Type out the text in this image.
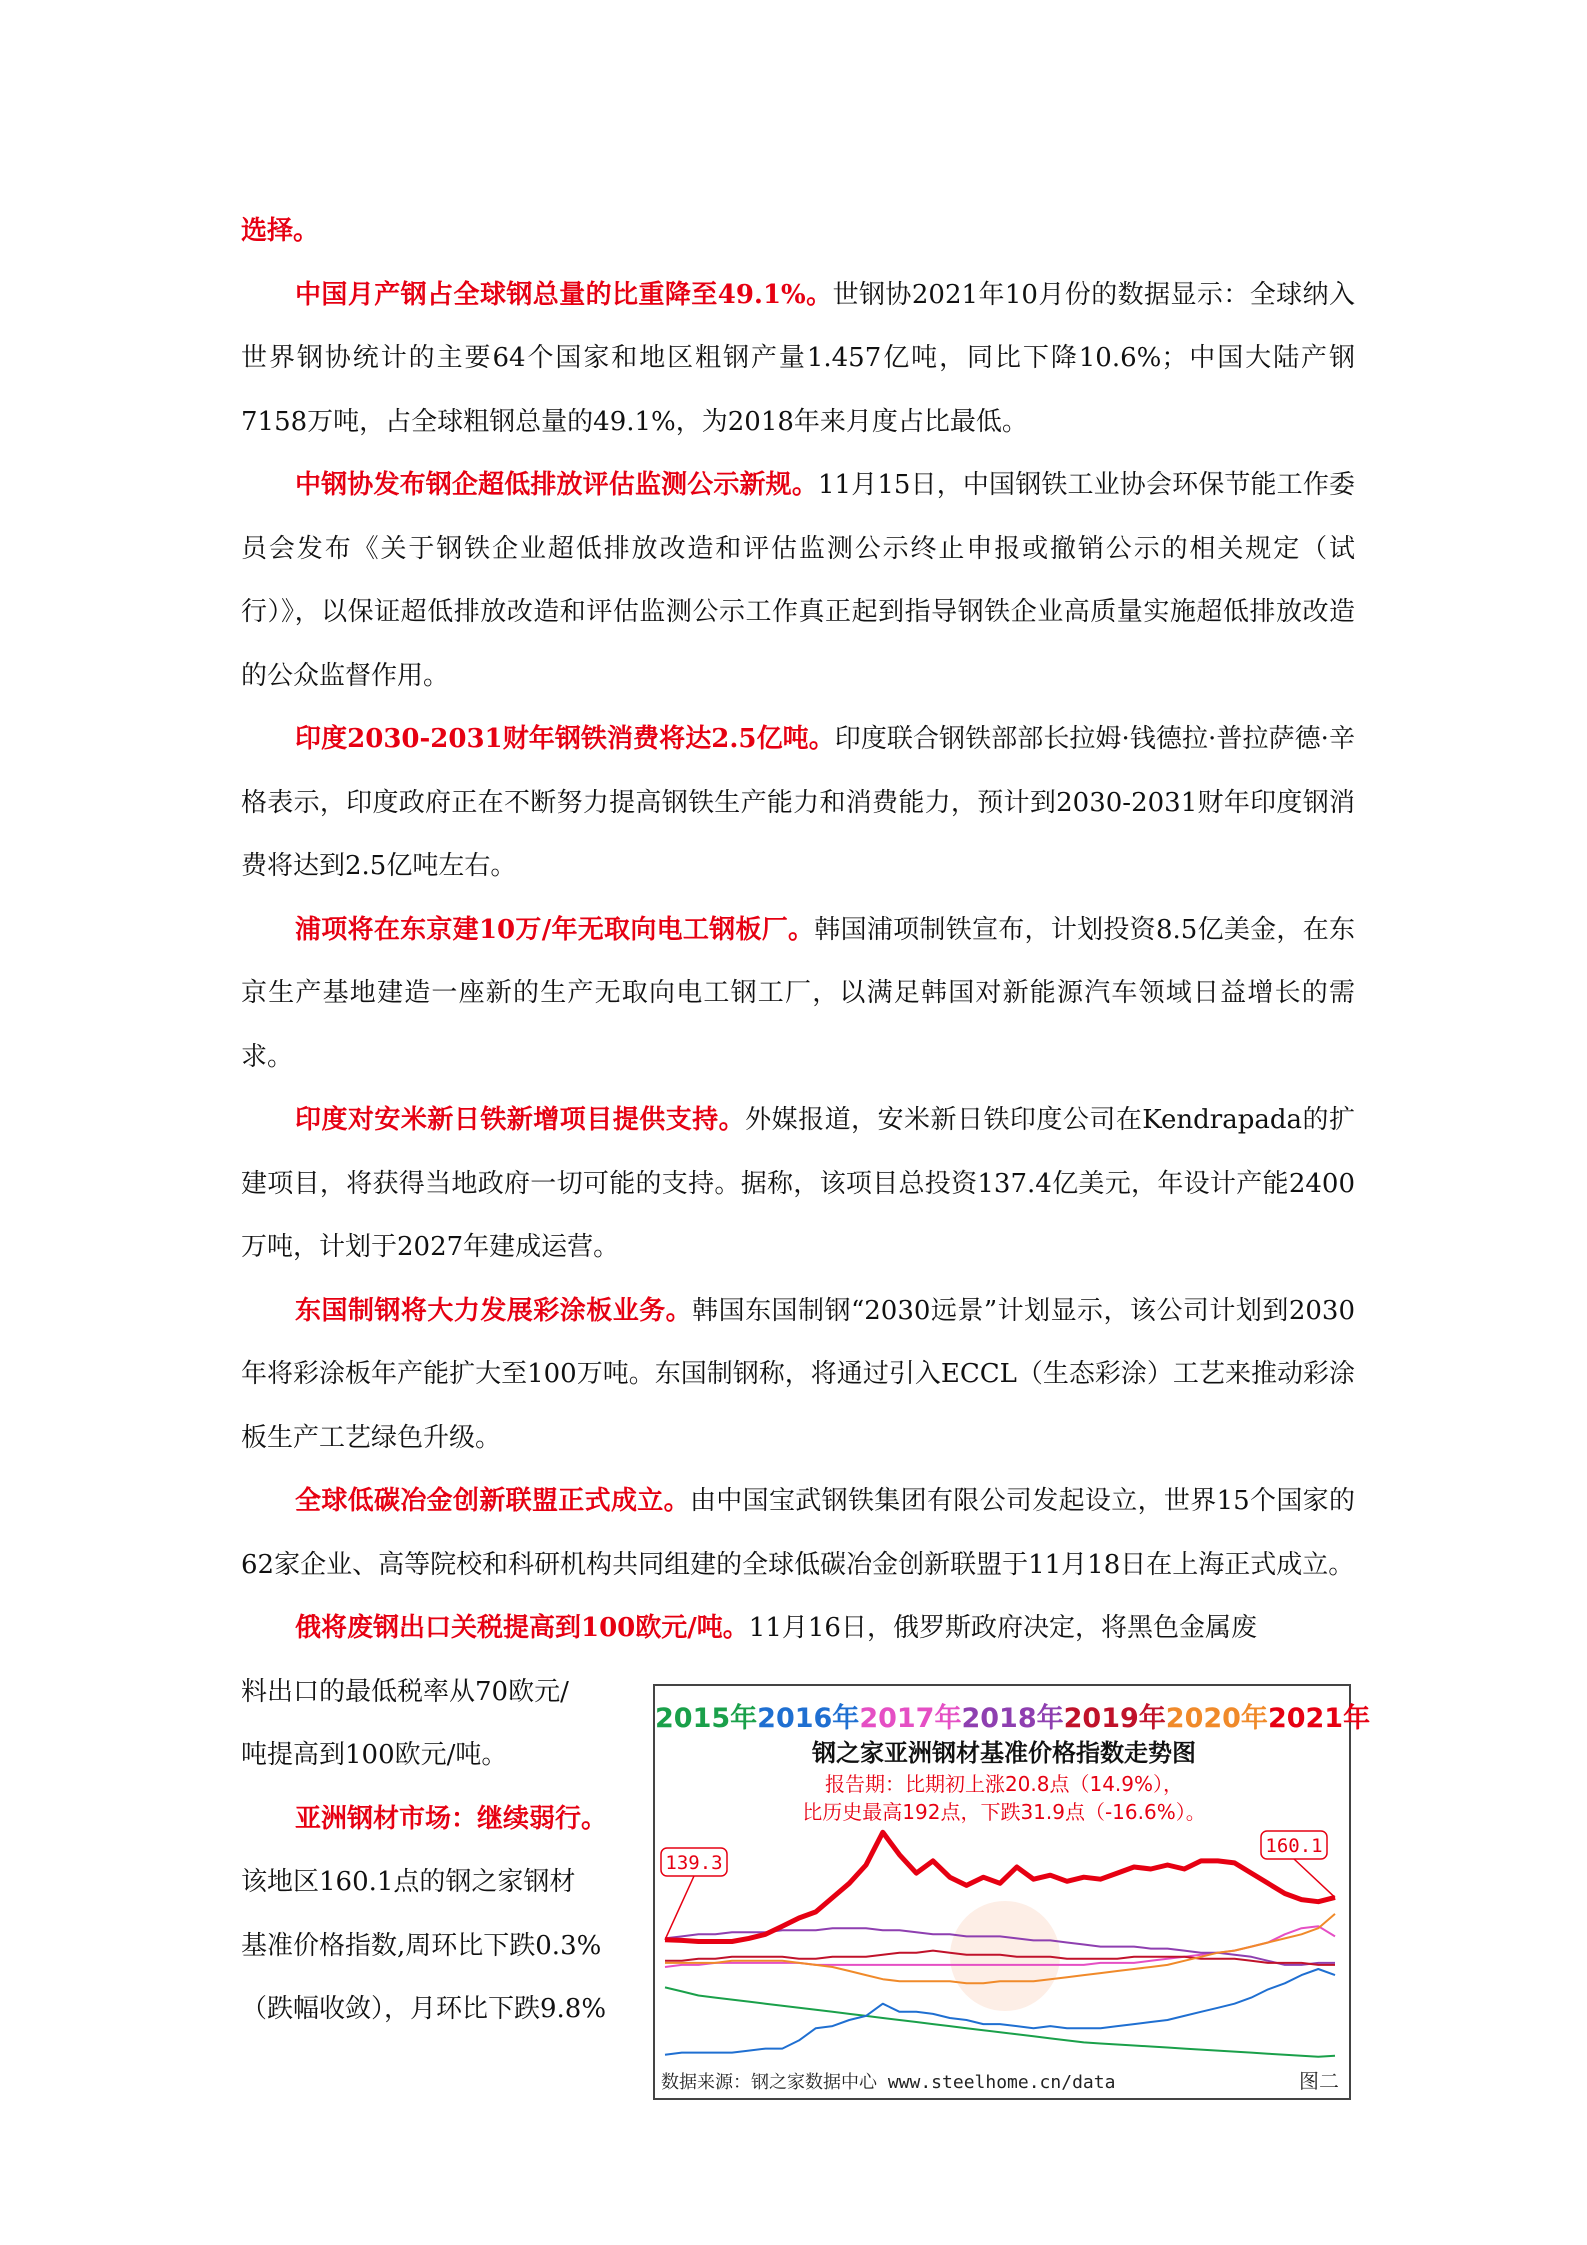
选择。

中国月产钢占全球钢总量的比重降至49.1%。世钢协2021年10月份的数据显示：全球纳入世界钢协统计的主要64个国家和地区粗钢产量1.457亿吨，同比下降10.6%；中国大陆产钢7158万吨，占全球粗钢总量的49.1%，为2018年来月度占比最低。

中钢协发布钢企超低排放评估监测公示新规。11月15日，中国钢铁工业协会环保节能工作委员会发布《关于钢铁企业超低排放改造和评估监测公示终止申报或撤销公示的相关规定（试行）》，以保证超低排放改造和评估监测公示工作真正起到指导钢铁企业高质量实施超低排放改造的公众监督作用。

印度2030-2031财年钢铁消费将达2.5亿吨。印度联合钢铁部部长拉姆·钱德拉·普拉萨德·辛格表示，印度政府正在不断努力提高钢铁生产能力和消费能力，预计到2030-2031财年印度钢消费将达到2.5亿吨左右。

浦项将在东京建10万/年无取向电工钢板厂。韩国浦项制铁宣布，计划投资8.5亿美金，在东京生产基地建造一座新的生产无取向电工钢工厂，以满足韩国对新能源汽车领域日益增长的需求。

印度对安米新日铁新增项目提供支持。外媒报道，安米新日铁印度公司在Kendrapada的扩建项目，将获得当地政府一切可能的支持。据称，该项目总投资137.4亿美元，年设计产能2400万吨，计划于2027年建成运营。

东国制钢将大力发展彩涂板业务。韩国东国制钢“2030远景”计划显示，该公司计划到2030年将彩涂板年产能扩大至100万吨。东国制钢称，将通过引入ECCL（生态彩涂）工艺来推动彩涂板生产工艺绿色升级。

全球低碳冶金创新联盟正式成立。由中国宝武钢铁集团有限公司发起设立，世界15个国家的62家企业、高等院校和科研机构共同组建的全球低碳冶金创新联盟于11月18日在上海正式成立。

俄将废钢出口关税提高到100欧元/吨。11月16日，俄罗斯政府决定，将黑色金属废

料出口的最低税率从70欧元/

吨提高到100欧元/吨。

亚洲钢材市场：继续弱行。

该地区160.1点的钢之家钢材

基准价格指数,周环比下跌0.3%

（跌幅收敛），月环比下跌9.8%

2015年2016年2017年2018年2019年2020年2021年
钢之家亚洲钢材基准价格指数走势图
报告期：比期初上涨20.8点（14.9%），
比历史最高192点，下跌31.9点（-16.6%）。
139.3
160.1
数据来源：钢之家数据中心 www.steelhome.cn/data	图二
